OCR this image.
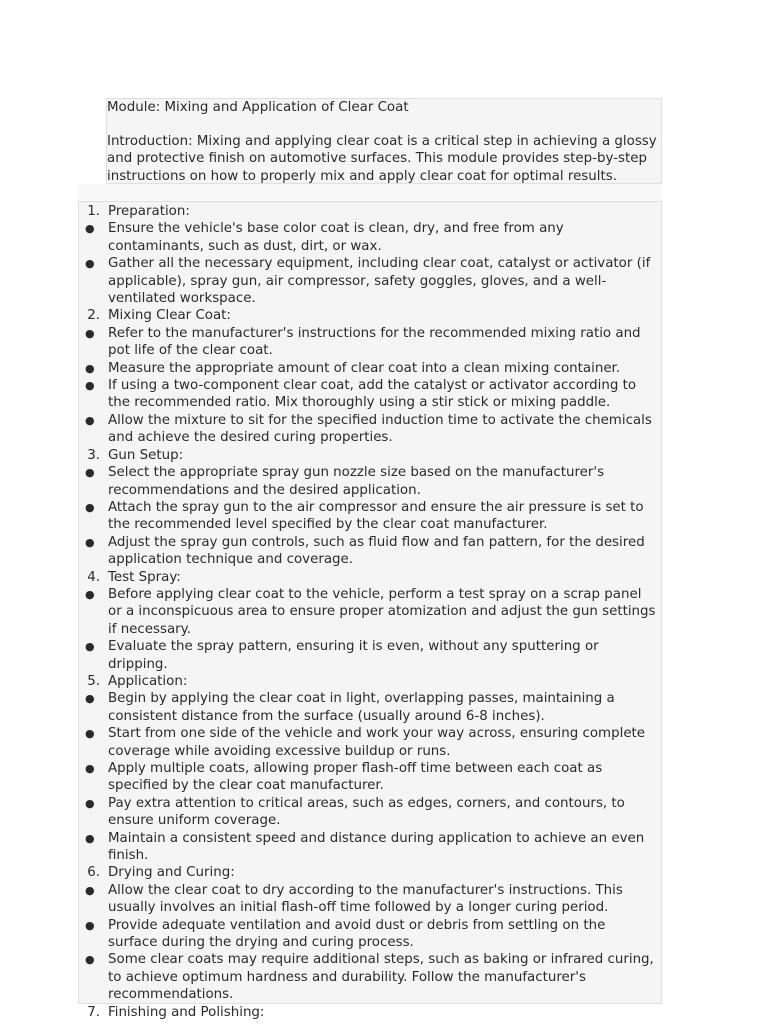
Module: Mixing and Application of Clear Coat
Introduction: Mixing and applying clear coat is a critical step in achieving a glossy and protective finish on automotive surfaces. This module provides step-by-step instructions on how to properly mix and apply clear coat for optimal results.
1. Preparation:
● Ensure the vehicle's base color coat is clean, dry, and free from any contaminants, such as dust, dirt, or wax.
● Gather all the necessary equipment, including clear coat, catalyst or activator (if applicable), spray gun, air compressor, safety goggles, gloves, and a well-ventilated workspace.
2. Mixing Clear Coat:
● Refer to the manufacturer's instructions for the recommended mixing ratio and pot life of the clear coat.
● Measure the appropriate amount of clear coat into a clean mixing container.
● If using a two-component clear coat, add the catalyst or activator according to the recommended ratio. Mix thoroughly using a stir stick or mixing paddle.
● Allow the mixture to sit for the specified induction time to activate the chemicals and achieve the desired curing properties.
3. Gun Setup:
● Select the appropriate spray gun nozzle size based on the manufacturer's recommendations and the desired application.
● Attach the spray gun to the air compressor and ensure the air pressure is set to the recommended level specified by the clear coat manufacturer.
● Adjust the spray gun controls, such as fluid flow and fan pattern, for the desired application technique and coverage.
4. Test Spray:
● Before applying clear coat to the vehicle, perform a test spray on a scrap panel or a inconspicuous area to ensure proper atomization and adjust the gun settings if necessary.
● Evaluate the spray pattern, ensuring it is even, without any sputtering or dripping.
5. Application:
● Begin by applying the clear coat in light, overlapping passes, maintaining a consistent distance from the surface (usually around 6-8 inches).
● Start from one side of the vehicle and work your way across, ensuring complete coverage while avoiding excessive buildup or runs.
● Apply multiple coats, allowing proper flash-off time between each coat as specified by the clear coat manufacturer.
● Pay extra attention to critical areas, such as edges, corners, and contours, to ensure uniform coverage.
● Maintain a consistent speed and distance during application to achieve an even finish.
6. Drying and Curing:
● Allow the clear coat to dry according to the manufacturer's instructions. This usually involves an initial flash-off time followed by a longer curing period.
● Provide adequate ventilation and avoid dust or debris from settling on the surface during the drying and curing process.
● Some clear coats may require additional steps, such as baking or infrared curing, to achieve optimum hardness and durability. Follow the manufacturer's recommendations.
7. Finishing and Polishing:
